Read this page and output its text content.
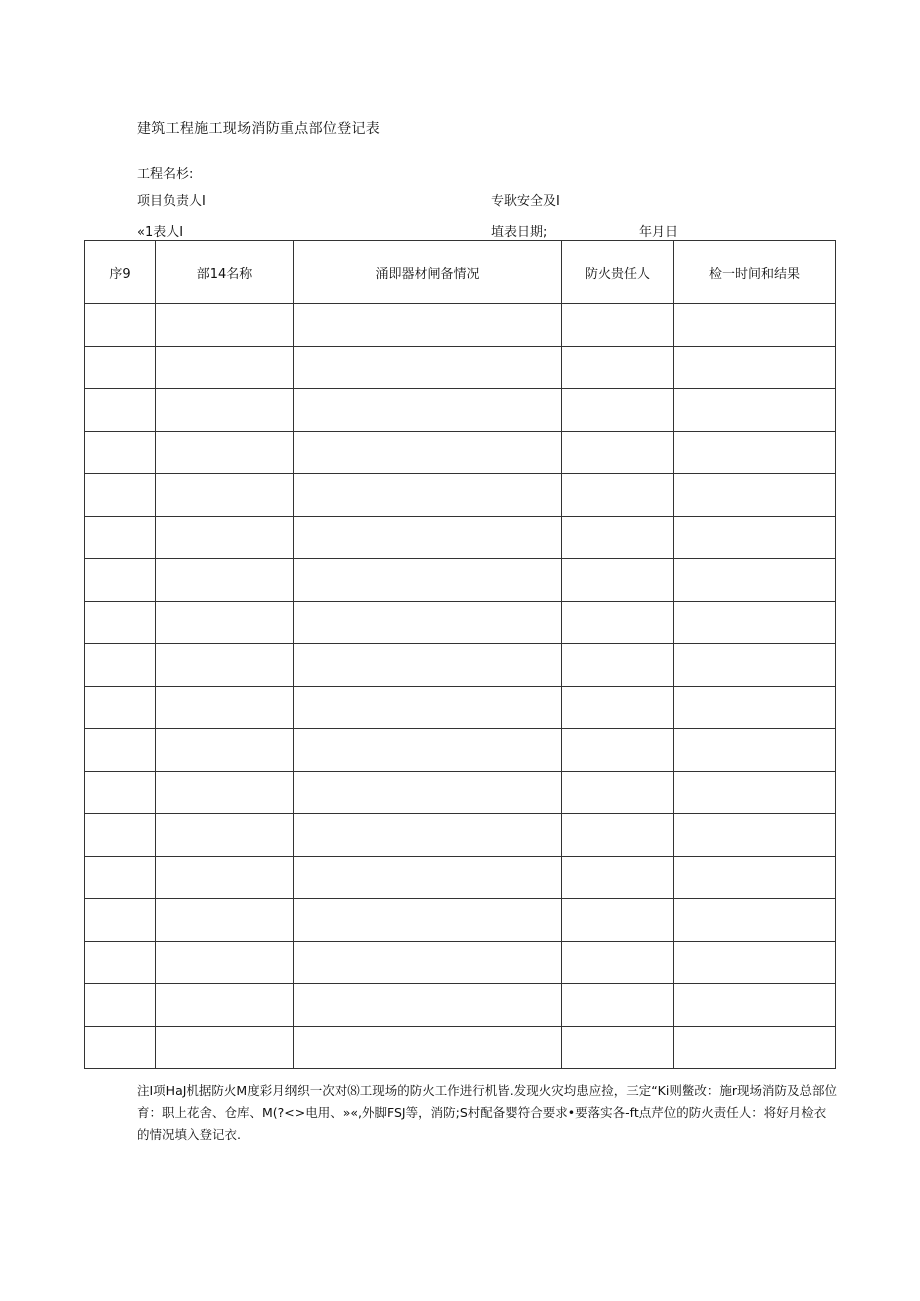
建筑工程施工现场消防重点部位登记表
工程名杉:
项目负责人I	专耿安全及I
«1表人I	埴表日期;	年月日
序9	部14名称	涌即器材闸备情况	防火贵任人	检一时间和结果

注I项HaJ机据防火M度彩月纲织一次对⑻工现场的防火工作进行机皆.发现火灾均患应捡，三定“Ki则鳖改：施r现场消防及总部位育：职上花舍、仓库、M(?<>电用、»«,外脚FSJ等，消防;S村配备婴符合要求•要落实各-ft点芹位的防火责任人：将好月检衣的情况填入登记衣.
